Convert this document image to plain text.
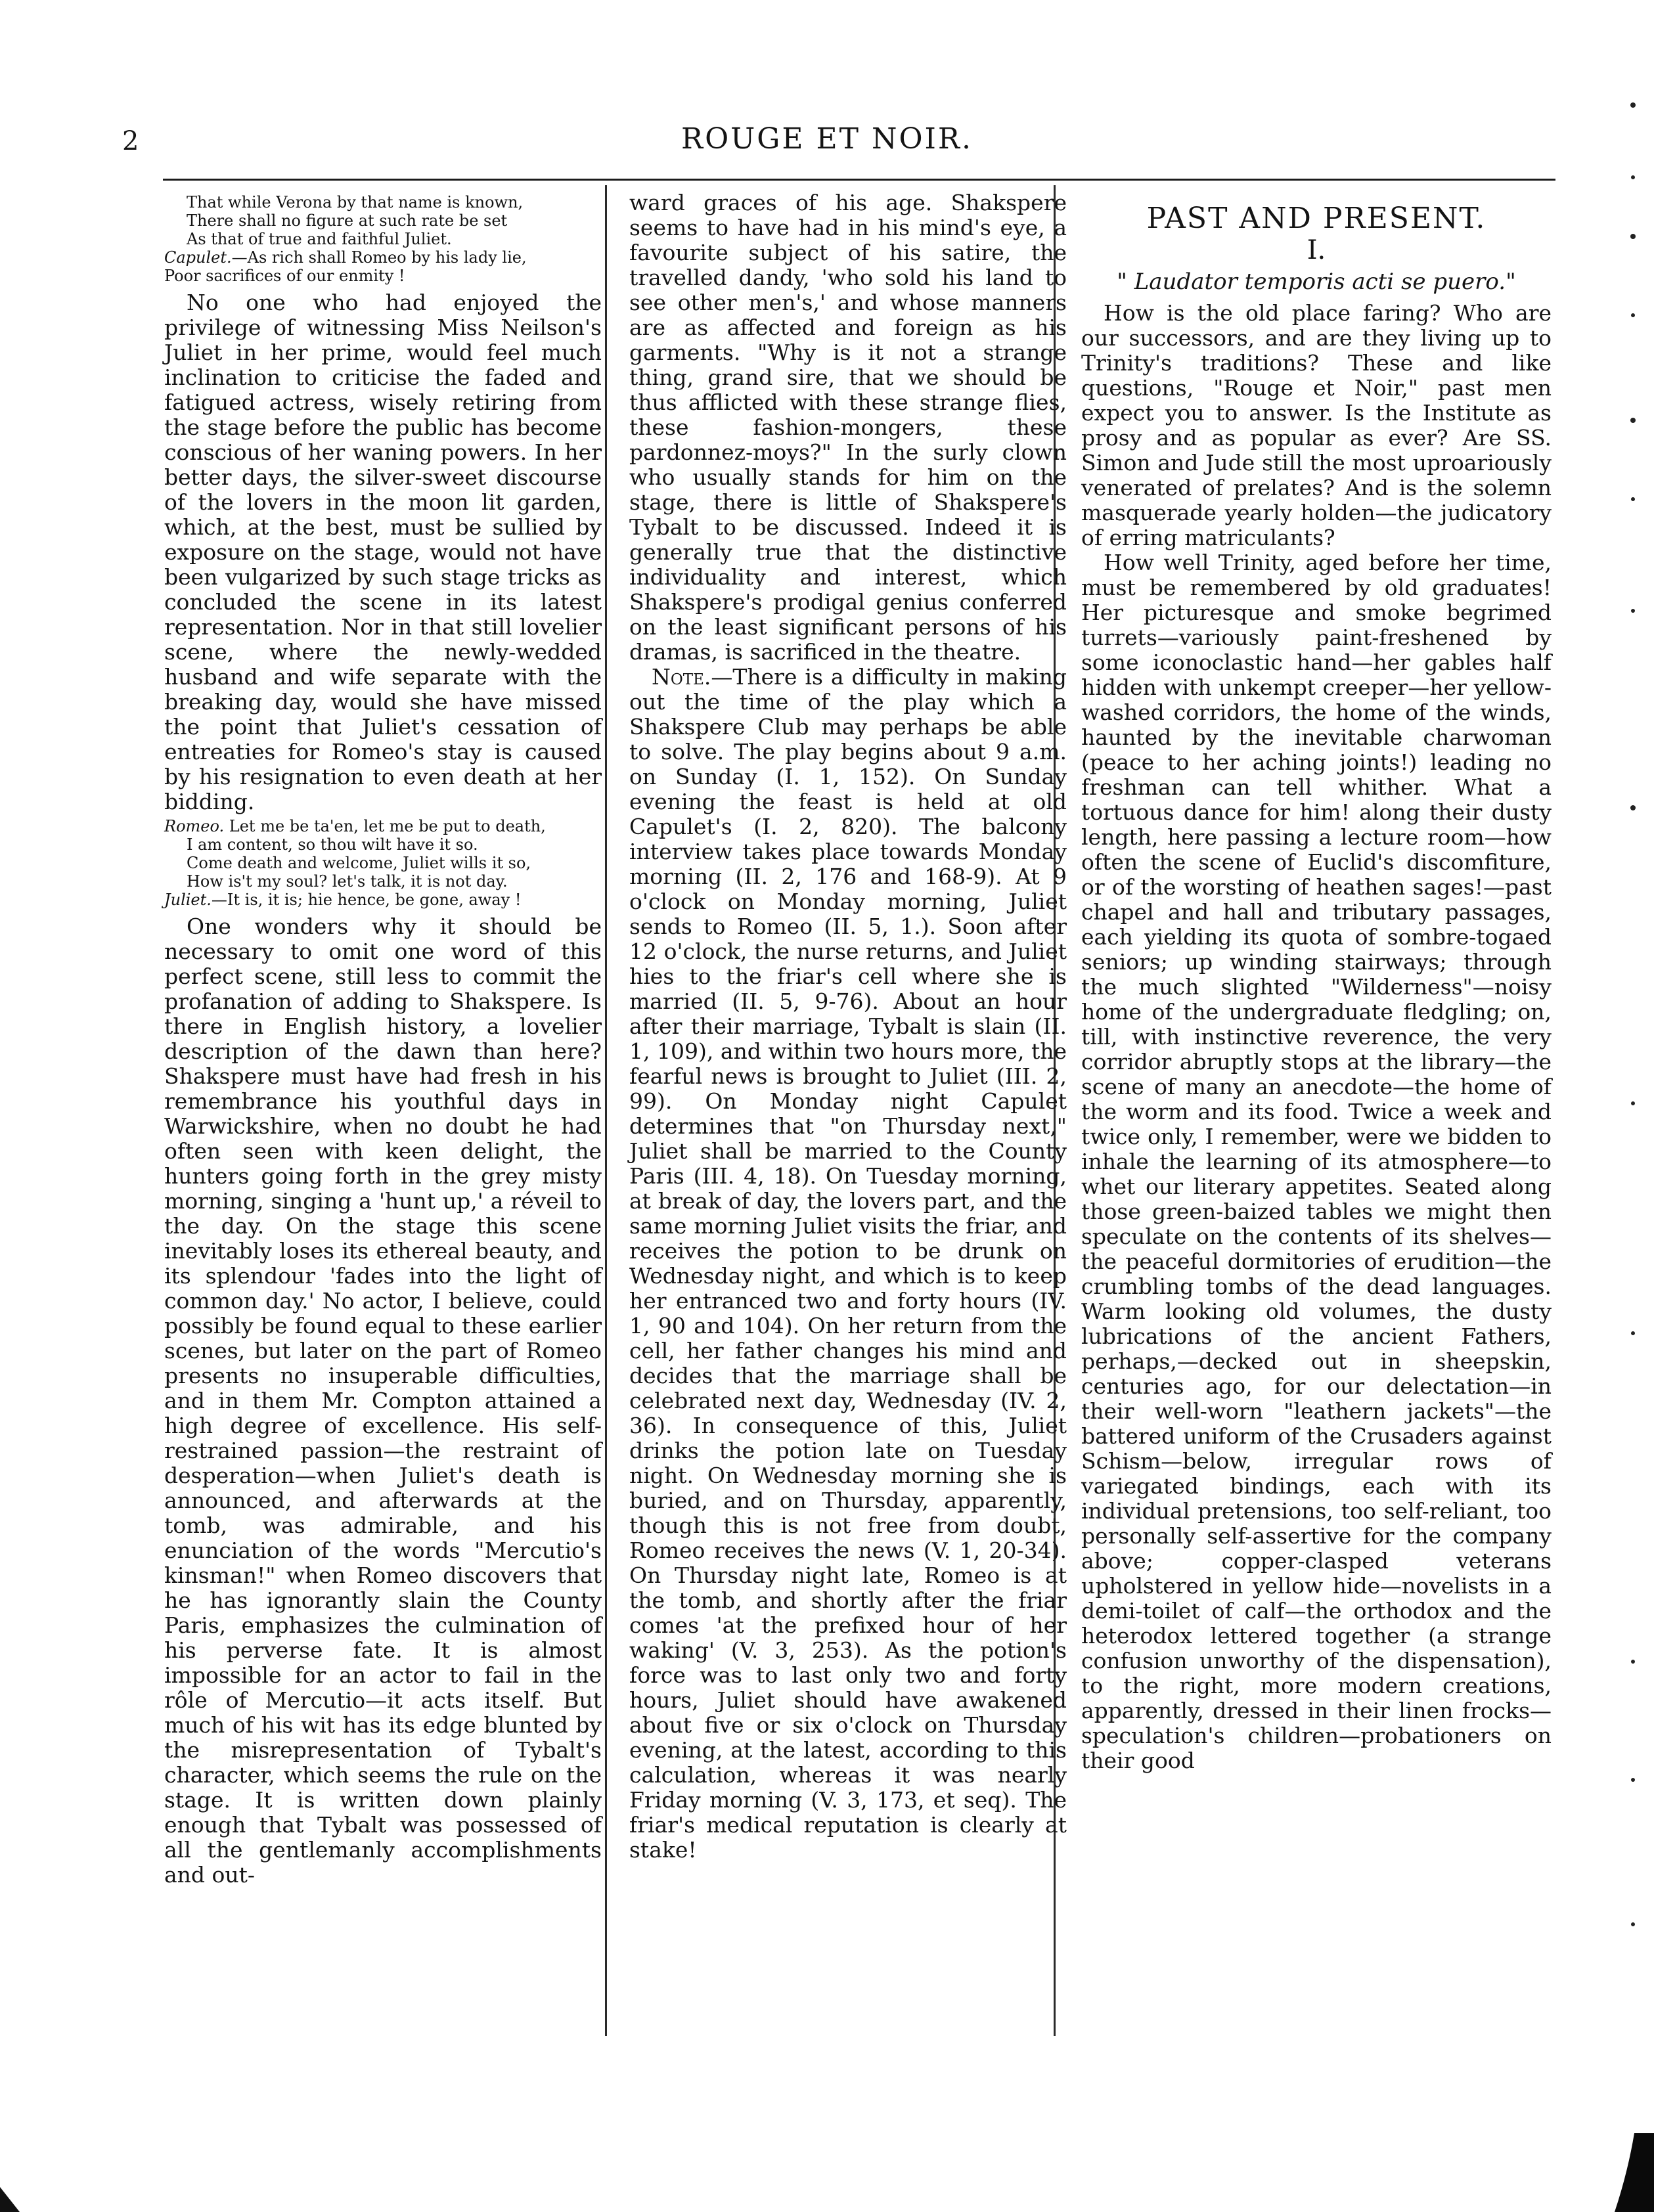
2	ROUGE ET NOIR.
That while Verona by that name is known,
There shall no figure at such rate be set
As that of true and faithful Juliet.
Capulet.—As rich shall Romeo by his lady lie,
Poor sacrifices of our enmity !

No one who had enjoyed the privilege of witnessing Miss Neilson's Juliet in her prime, would feel much inclination to criticise the faded and fatigued actress, wisely retiring from the stage before the public has become conscious of her waning powers. In her better days, the silver-sweet discourse of the lovers in the moon lit garden, which, at the best, must be sullied by exposure on the stage, would not have been vulgarized by such stage tricks as concluded the scene in its latest representation. Nor in that still lovelier scene, where the newly-wedded husband and wife separate with the breaking day, would she have missed the point that Juliet's cessation of entreaties for Romeo's stay is caused by his resignation to even death at her bidding.

Romeo. Let me be ta'en, let me be put to death,
I am content, so thou wilt have it so.
Come death and welcome, Juliet wills it so,
How is't my soul? let's talk, it is not day.
Juliet.—It is, it is; hie hence, be gone, away !

One wonders why it should be necessary to omit one word of this perfect scene, still less to commit the profanation of adding to Shakspere. Is there in English history, a lovelier description of the dawn than here? Shakspere must have had fresh in his remembrance his youthful days in Warwickshire, when no doubt he had often seen with keen delight, the hunters going forth in the grey misty morning, singing a 'hunt up,' a réveil to the day. On the stage this scene inevitably loses its ethereal beauty, and its splendour 'fades into the light of common day.' No actor, I believe, could possibly be found equal to these earlier scenes, but later on the part of Romeo presents no insuperable difficulties, and in them Mr. Compton attained a high degree of excellence. His self-restrained passion—the restraint of desperation—when Juliet's death is announced, and afterwards at the tomb, was admirable, and his enunciation of the words "Mercutio's kinsman!" when Romeo discovers that he has ignorantly slain the County Paris, emphasizes the culmination of his perverse fate. It is almost impossible for an actor to fail in the rôle of Mercutio—it acts itself. But much of his wit has its edge blunted by the misrepresentation of Tybalt's character, which seems the rule on the stage. It is written down plainly enough that Tybalt was possessed of all the gentlemanly accomplishments and out-

ward graces of his age. Shakspere seems to have had in his mind's eye, a favourite subject of his satire, the travelled dandy, 'who sold his land to see other men's,' and whose manners are as affected and foreign as his garments. "Why is it not a strange thing, grand sire, that we should be thus afflicted with these strange flies, these fashion-mongers, these pardonnez-moys?" In the surly clown who usually stands for him on the stage, there is little of Shakspere's Tybalt to be discussed. Indeed it is generally true that the distinctive individuality and interest, which Shakspere's prodigal genius conferred on the least significant persons of his dramas, is sacrificed in the theatre.

Note.—There is a difficulty in making out the time of the play which a Shakspere Club may perhaps be able to solve. The play begins about 9 a.m. on Sunday (I. 1, 152). On Sunday evening the feast is held at old Capulet's (I. 2, 820). The balcony interview takes place towards Monday morning (II. 2, 176 and 168-9). At 9 o'clock on Monday morning, Juliet sends to Romeo (II. 5, 1.). Soon after 12 o'clock, the nurse returns, and Juliet hies to the friar's cell where she is married (II. 5, 9-76). About an hour after their marriage, Tybalt is slain (II. 1, 109), and within two hours more, the fearful news is brought to Juliet (III. 2, 99). On Monday night Capulet determines that "on Thursday next," Juliet shall be married to the County Paris (III. 4, 18). On Tuesday morning, at break of day, the lovers part, and the same morning Juliet visits the friar, and receives the potion to be drunk on Wednesday night, and which is to keep her entranced two and forty hours (IV. 1, 90 and 104). On her return from the cell, her father changes his mind and decides that the marriage shall be celebrated next day, Wednesday (IV. 2, 36). In consequence of this, Juliet drinks the potion late on Tuesday night. On Wednesday morning she is buried, and on Thursday, apparently, though this is not free from doubt, Romeo receives the news (V. 1, 20-34). On Thursday night late, Romeo is at the tomb, and shortly after the friar comes 'at the prefixed hour of her waking' (V. 3, 253). As the potion's force was to last only two and forty hours, Juliet should have awakened about five or six o'clock on Thursday evening, at the latest, according to this calculation, whereas it was nearly Friday morning (V. 3, 173, et seq). The friar's medical reputation is clearly at stake!

PAST AND PRESENT.
I.
" Laudator temporis acti se puero."

How is the old place faring? Who are our successors, and are they living up to Trinity's traditions? These and like questions, "Rouge et Noir," past men expect you to answer. Is the Institute as prosy and as popular as ever? Are SS. Simon and Jude still the most uproariously venerated of prelates? And is the solemn masquerade yearly holden—the judicatory of erring matriculants?

How well Trinity, aged before her time, must be remembered by old graduates! Her picturesque and smoke begrimed turrets—variously paint-freshened by some iconoclastic hand—her gables half hidden with unkempt creeper—her yellow-washed corridors, the home of the winds, haunted by the inevitable charwoman (peace to her aching joints!) leading no freshman can tell whither. What a tortuous dance for him! along their dusty length, here passing a lecture room—how often the scene of Euclid's discomfiture, or of the worsting of heathen sages!—past chapel and hall and tributary passages, each yielding its quota of sombre-togaed seniors; up winding stairways; through the much slighted "Wilderness"—noisy home of the undergraduate fledgling; on, till, with instinctive reverence, the very corridor abruptly stops at the library—the scene of many an anecdote—the home of the worm and its food. Twice a week and twice only, I remember, were we bidden to inhale the learning of its atmosphere—to whet our literary appetites. Seated along those green-baized tables we might then speculate on the contents of its shelves—the peaceful dormitories of erudition—the crumbling tombs of the dead languages. Warm looking old volumes, the dusty lubrications of the ancient Fathers, perhaps,—decked out in sheepskin, centuries ago, for our delectation—in their well-worn "leathern jackets"—the battered uniform of the Crusaders against Schism—below, irregular rows of variegated bindings, each with its individual pretensions, too self-reliant, too personally self-assertive for the company above; copper-clasped veterans upholstered in yellow hide—novelists in a demi-toilet of calf—the orthodox and the heterodox lettered together (a strange confusion unworthy of the dispensation), to the right, more modern creations, apparently, dressed in their linen frocks—speculation's children—probationers on their good
